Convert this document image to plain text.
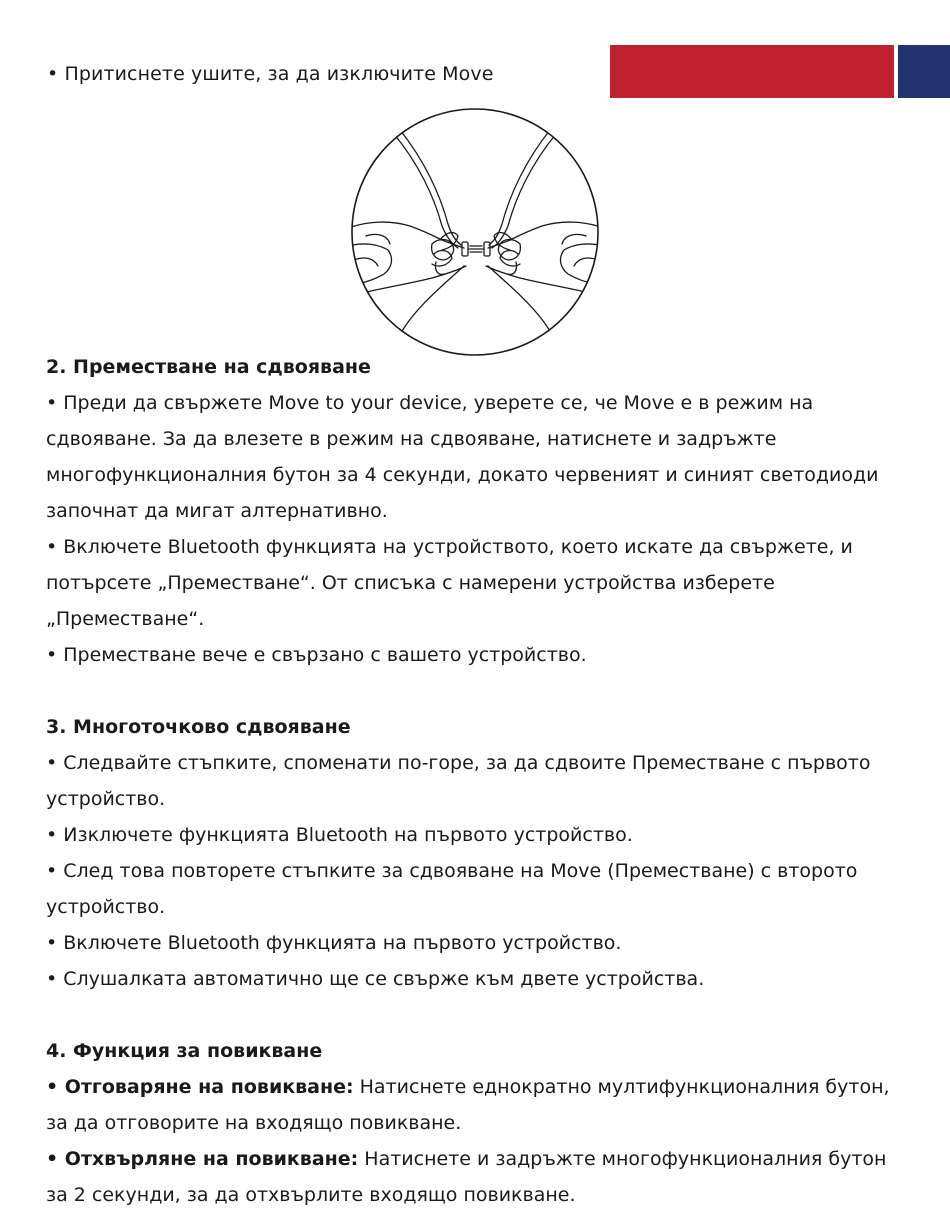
• Притиснете ушите, за да изключите Move

2. Преместване на сдвояване

• Преди да свържете Move to your device, уверете се, че Move е в режим на

сдвояване. За да влезете в режим на сдвояване, натиснете и задръжте

многофункционалния бутон за 4 секунди, докато червеният и синият светодиоди

започнат да мигат алтернативно.

• Включете Bluetooth функцията на устройството, което искате да свържете, и

потърсете „Преместване“. От списъка с намерени устройства изберете

„Преместване“.

• Преместване вече е свързано с вашето устройство.

3. Многоточково сдвояване

• Следвайте стъпките, споменати по-горе, за да сдвоите Преместване с първото

устройство.

• Изключете функцията Bluetooth на първото устройство.

• След това повторете стъпките за сдвояване на Move (Преместване) с второто

устройство.

• Включете Bluetooth функцията на първото устройство.

• Слушалката автоматично ще се свърже към двете устройства.

4. Функция за повикване

• Отговаряне на повикване: Натиснете еднократно мултифункционалния бутон,

за да отговорите на входящо повикване.

• Отхвърляне на повикване: Натиснете и задръжте многофункционалния бутон

за 2 секунди, за да отхвърлите входящо повикване.
